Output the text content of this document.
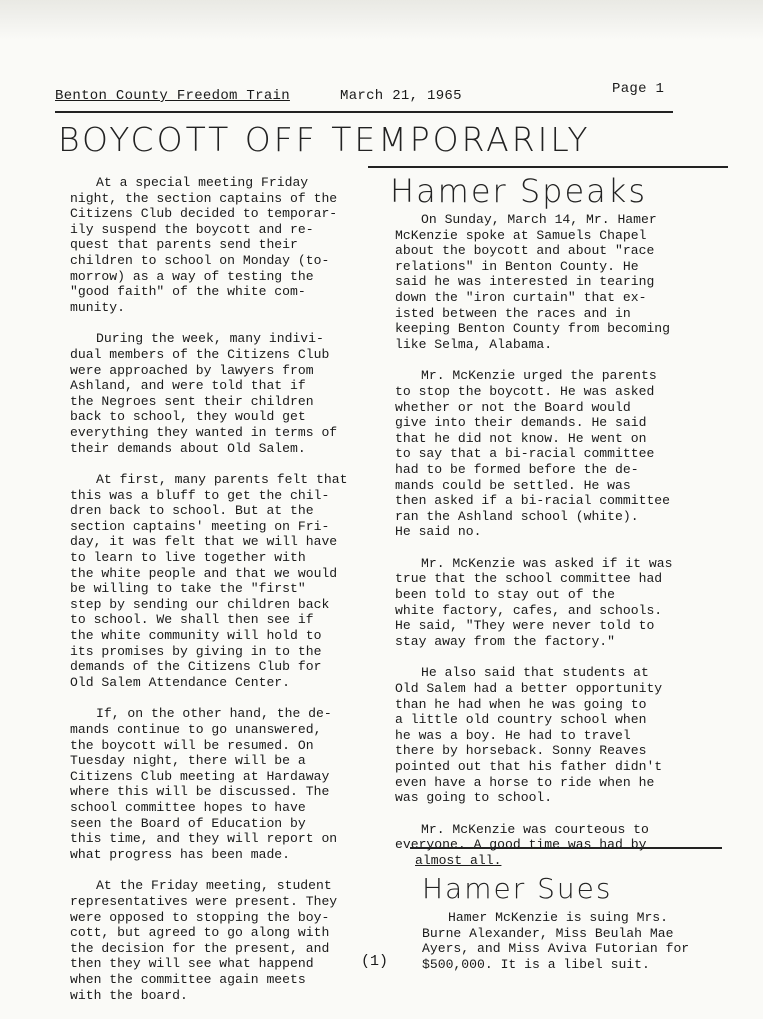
Benton County Freedom Train	March 21, 1965	Page 1
BOYCOTT OFF TEMPORARILY

At a special meeting Friday
night, the section captains of the
Citizens Club decided to temporar-
ily suspend the boycott and re-
quest that parents send their
children to school on Monday (to-
morrow) as a way of testing the
"good faith" of the white com-
munity.

During the week, many indivi-
dual members of the Citizens Club
were approached by lawyers from
Ashland, and were told that if
the Negroes sent their children
back to school, they would get
everything they wanted in terms of
their demands about Old Salem.

At first, many parents felt that
this was a bluff to get the chil-
dren back to school. But at the
section captains' meeting on Fri-
day, it was felt that we will have
to learn to live together with
the white people and that we would
be willing to take the "first"
step by sending our children back
to school. We shall then see if
the white community will hold to
its promises by giving in to the
demands of the Citizens Club for
Old Salem Attendance Center.

If, on the other hand, the de-
mands continue to go unanswered,
the boycott will be resumed. On
Tuesday night, there will be a
Citizens Club meeting at Hardaway
where this will be discussed. The
school committee hopes to have
seen the Board of Education by
this time, and they will report on
what progress has been made.

At the Friday meeting, student
representatives were present. They
were opposed to stopping the boy-
cott, but agreed to go along with
the decision for the present, and
then they will see what happend
when the committee again meets
with the board.

Hamer Speaks

On Sunday, March 14, Mr. Hamer
McKenzie spoke at Samuels Chapel
about the boycott and about "race
relations" in Benton County. He
said he was interested in tearing
down the "iron curtain" that ex-
isted between the races and in
keeping Benton County from becoming
like Selma, Alabama.

Mr. McKenzie urged the parents
to stop the boycott. He was asked
whether or not the Board would
give into their demands. He said
that he did not know. He went on
to say that a bi-racial committee
had to be formed before the de-
mands could be settled. He was
then asked if a bi-racial committee
ran the Ashland school (white).
He said no.

Mr. McKenzie was asked if it was
true that the school committee had
been told to stay out of the
white factory, cafes, and schools.
He said, "They were never told to
stay away from the factory."

He also said that students at
Old Salem had a better opportunity
than he had when he was going to
a little old country school when
he was a boy. He had to travel
there by horseback. Sonny Reaves
pointed out that his father didn't
even have a horse to ride when he
was going to school.

Mr. McKenzie was courteous to
everyone. A good time was had by

almost all.
Hamer Sues

Hamer McKenzie is suing Mrs.
Burne Alexander, Miss Beulah Mae
Ayers, and Miss Aviva Futorian for
$500,000. It is a libel suit.

(1)
